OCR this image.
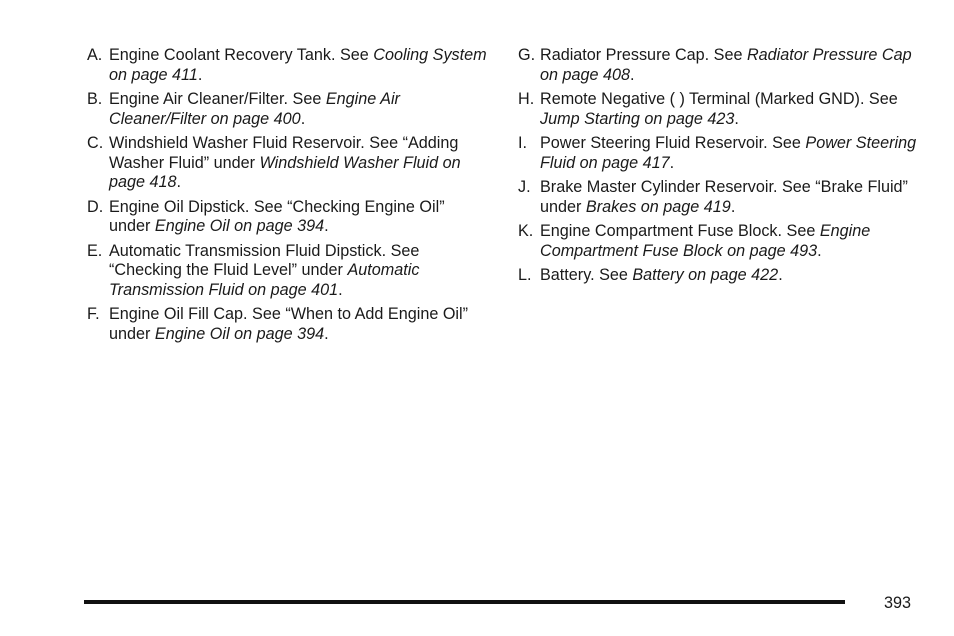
A. Engine Coolant Recovery Tank. See Cooling System on page 411.
B. Engine Air Cleaner/Filter. See Engine Air Cleaner/Filter on page 400.
C. Windshield Washer Fluid Reservoir. See “Adding Washer Fluid” under Windshield Washer Fluid on page 418.
D. Engine Oil Dipstick. See “Checking Engine Oil” under Engine Oil on page 394.
E. Automatic Transmission Fluid Dipstick. See “Checking the Fluid Level” under Automatic Transmission Fluid on page 401.
F. Engine Oil Fill Cap. See “When to Add Engine Oil” under Engine Oil on page 394.
G. Radiator Pressure Cap. See Radiator Pressure Cap on page 408.
H. Remote Negative ( ) Terminal (Marked GND). See Jump Starting on page 423.
I. Power Steering Fluid Reservoir. See Power Steering Fluid on page 417.
J. Brake Master Cylinder Reservoir. See “Brake Fluid” under Brakes on page 419.
K. Engine Compartment Fuse Block. See Engine Compartment Fuse Block on page 493.
L. Battery. See Battery on page 422.
393
